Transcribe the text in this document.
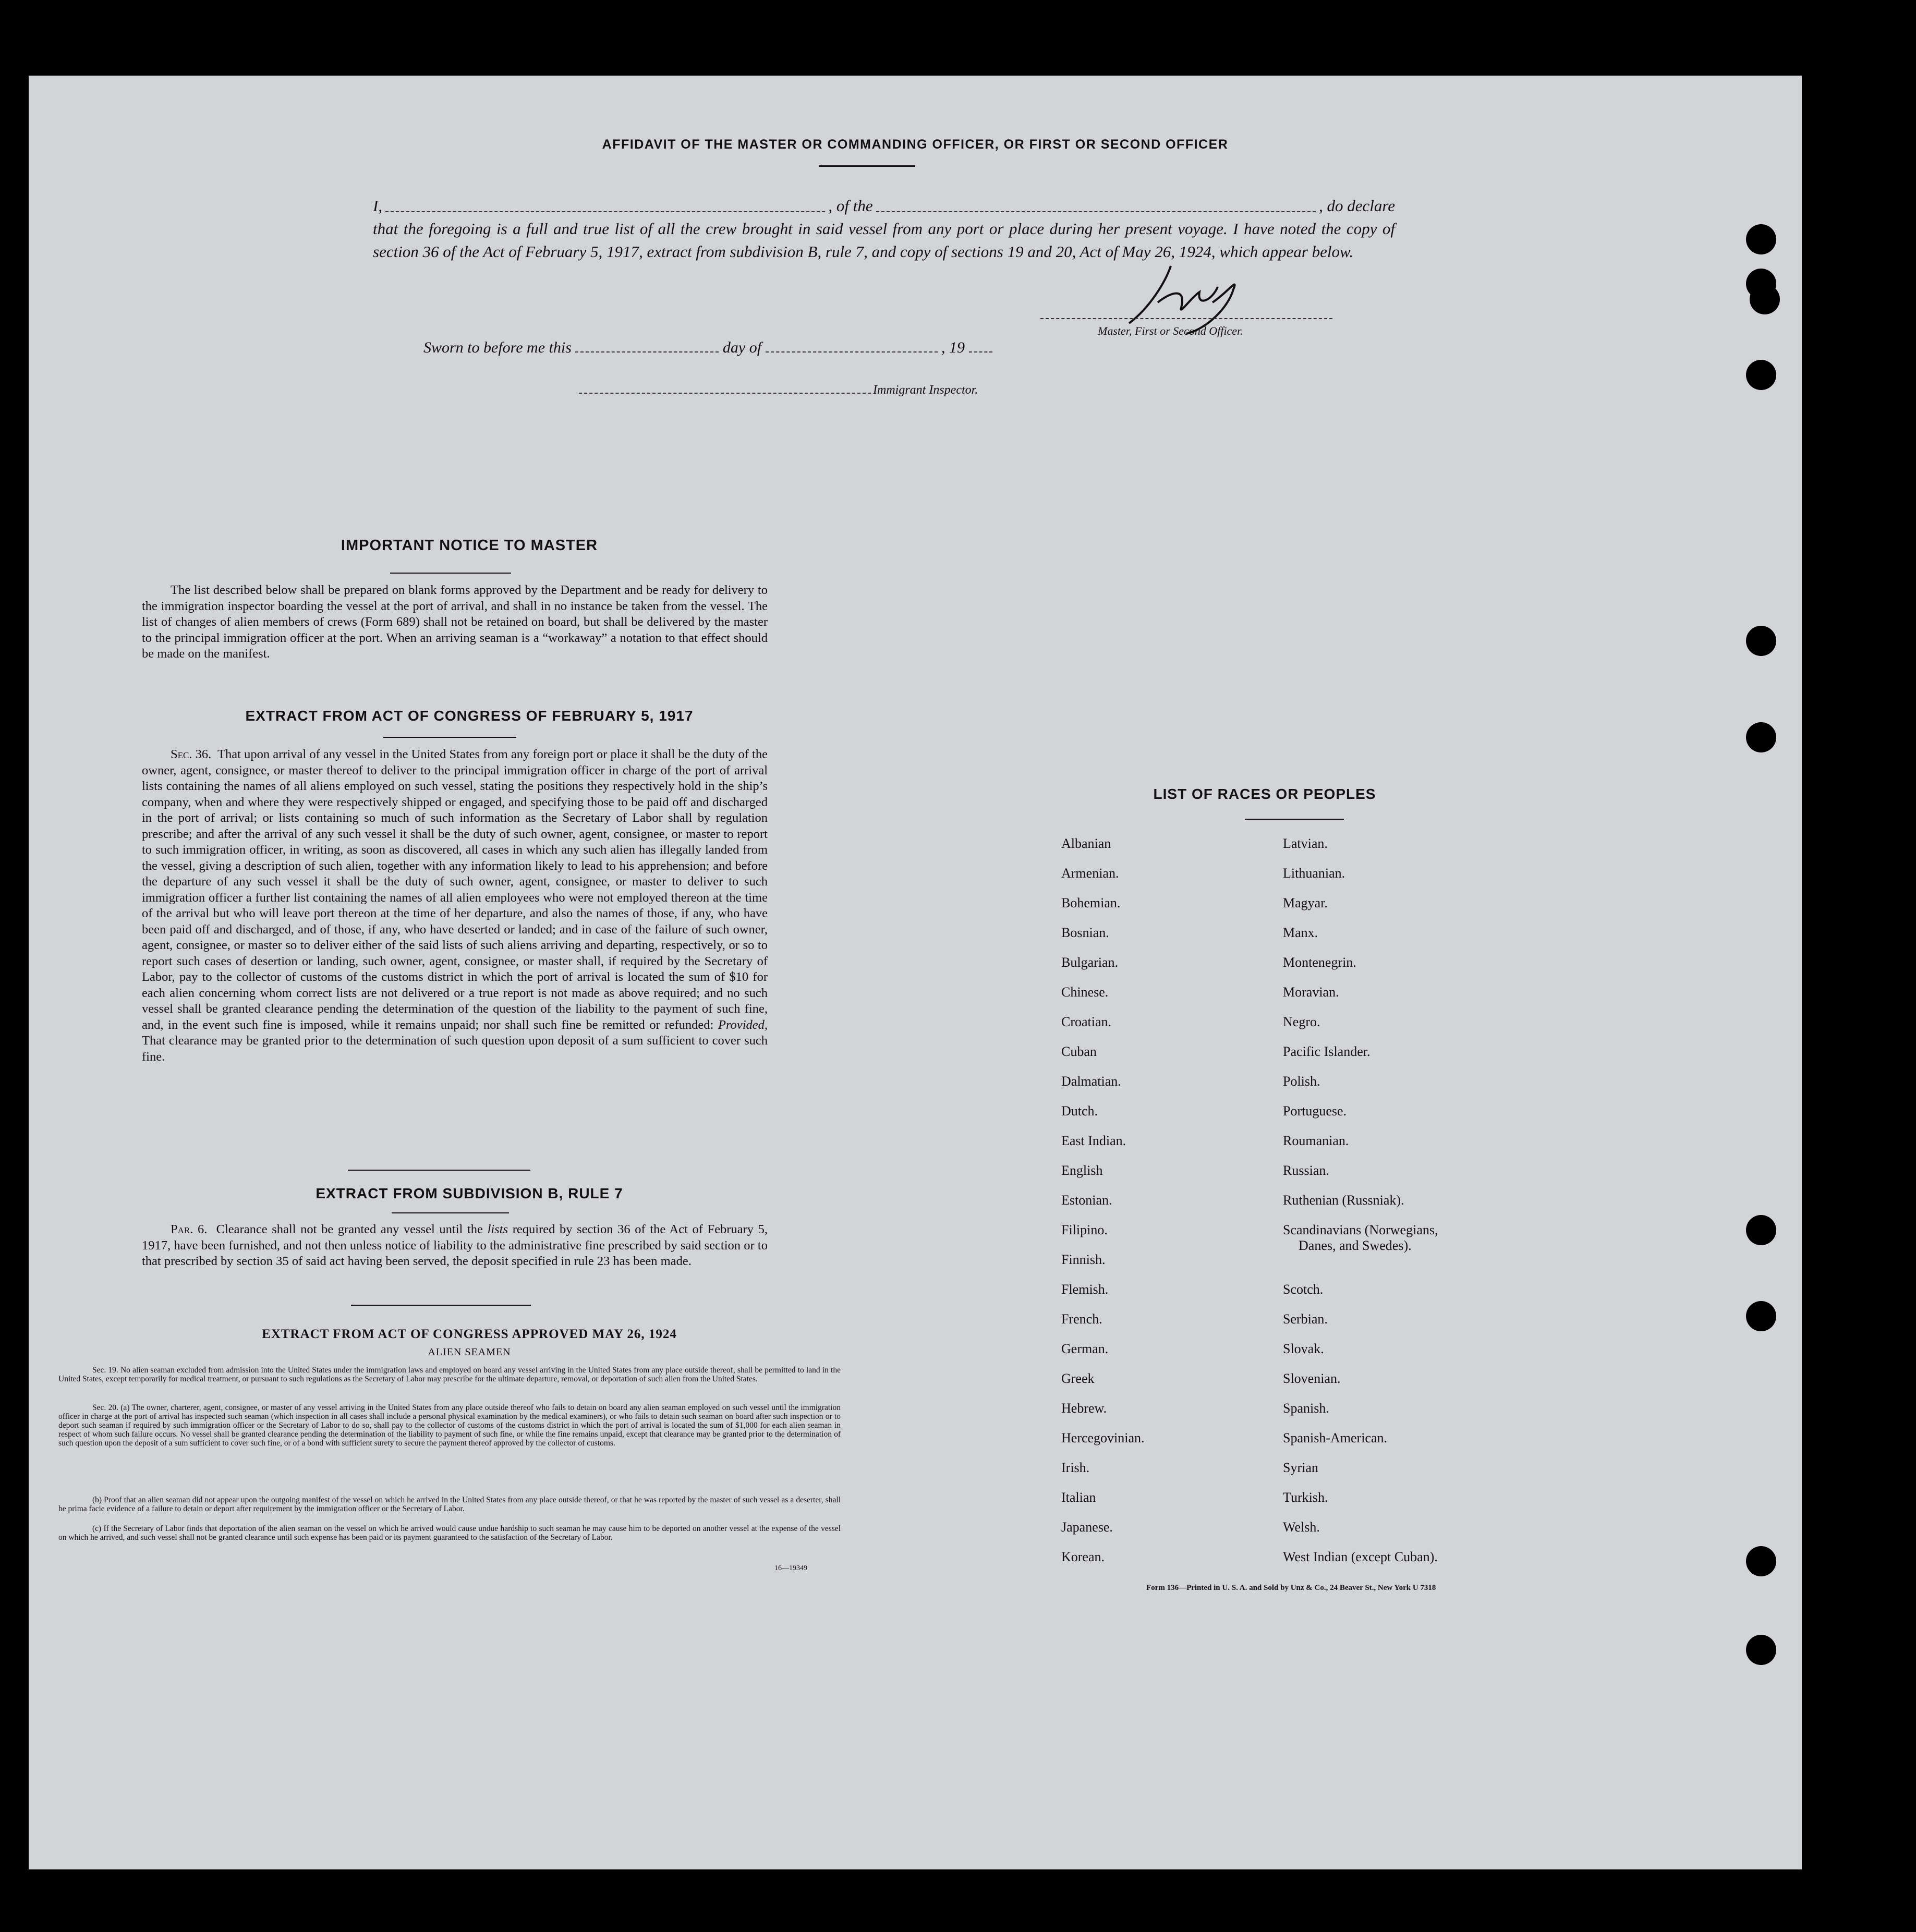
AFFIDAVIT OF THE MASTER OR COMMANDING OFFICER, OR FIRST OR SECOND OFFICER
I,	, of the	, do declare
that the foregoing is a full and true list of all the crew brought in said vessel from any port or place during her present voyage. I have noted the copy of section 36 of the Act of February 5, 1917, extract from subdivision B, rule 7, and copy of sections 19 and 20, Act of May 26, 1924, which appear below.
Master, First or Second Officer.
Sworn to before me this	day of	, 19
Immigrant Inspector.
IMPORTANT NOTICE TO MASTER
The list described below shall be prepared on blank forms approved by the Department and be ready for delivery to the immigration inspector boarding the vessel at the port of arrival, and shall in no instance be taken from the vessel. The list of changes of alien members of crews (Form 689) shall not be retained on board, but shall be delivered by the master to the principal immigration officer at the port. When an arriving seaman is a “workaway” a notation to that effect should be made on the manifest.
EXTRACT FROM ACT OF CONGRESS OF FEBRUARY 5, 1917
Sec. 36. That upon arrival of any vessel in the United States from any foreign port or place it shall be the duty of the owner, agent, consignee, or master thereof to deliver to the principal immigration officer in charge of the port of arrival lists containing the names of all aliens employed on such vessel, stating the positions they respectively hold in the ship’s company, when and where they were respectively shipped or engaged, and specifying those to be paid off and discharged in the port of arrival; or lists containing so much of such information as the Secretary of Labor shall by regulation prescribe; and after the arrival of any such vessel it shall be the duty of such owner, agent, consignee, or master to report to such immigration officer, in writing, as soon as discovered, all cases in which any such alien has illegally landed from the vessel, giving a description of such alien, together with any information likely to lead to his apprehension; and before the departure of any such vessel it shall be the duty of such owner, agent, consignee, or master to deliver to such immigration officer a further list containing the names of all alien employees who were not employed thereon at the time of the arrival but who will leave port thereon at the time of her departure, and also the names of those, if any, who have been paid off and discharged, and of those, if any, who have deserted or landed; and in case of the failure of such owner, agent, consignee, or master so to deliver either of the said lists of such aliens arriving and departing, respectively, or so to report such cases of desertion or landing, such owner, agent, consignee, or master shall, if required by the Secretary of Labor, pay to the collector of customs of the customs district in which the port of arrival is located the sum of $10 for each alien concerning whom correct lists are not delivered or a true report is not made as above required; and no such vessel shall be granted clearance pending the determination of the question of the liability to the payment of such fine, and, in the event such fine is imposed, while it remains unpaid; nor shall such fine be remitted or refunded: Provided, That clearance may be granted prior to the determination of such question upon deposit of a sum sufficient to cover such fine.
EXTRACT FROM SUBDIVISION B, RULE 7
Par. 6. Clearance shall not be granted any vessel until the lists required by section 36 of the Act of February 5, 1917, have been furnished, and not then unless notice of liability to the administrative fine prescribed by said section or to that prescribed by section 35 of said act having been served, the deposit specified in rule 23 has been made.
EXTRACT FROM ACT OF CONGRESS APPROVED MAY 26, 1924
ALIEN SEAMEN
Sec. 19. No alien seaman excluded from admission into the United States under the immigration laws and employed on board any vessel arriving in the United States from any place outside thereof, shall be permitted to land in the United States, except temporarily for medical treatment, or pursuant to such regulations as the Secretary of Labor may prescribe for the ultimate departure, removal, or deportation of such alien from the United States.
Sec. 20. (a) The owner, charterer, agent, consignee, or master of any vessel arriving in the United States from any place outside thereof who fails to detain on board any alien seaman employed on such vessel until the immigration officer in charge at the port of arrival has inspected such seaman (which inspection in all cases shall include a personal physical examination by the medical examiners), or who fails to detain such seaman on board after such inspection or to deport such seaman if required by such immigration officer or the Secretary of Labor to do so, shall pay to the collector of customs of the customs district in which the port of arrival is located the sum of $1,000 for each alien seaman in respect of whom such failure occurs. No vessel shall be granted clearance pending the determination of the liability to payment of such fine, or while the fine remains unpaid, except that clearance may be granted prior to the determination of such question upon the deposit of a sum sufficient to cover such fine, or of a bond with sufficient surety to secure the payment thereof approved by the collector of customs.
(b) Proof that an alien seaman did not appear upon the outgoing manifest of the vessel on which he arrived in the United States from any place outside thereof, or that he was reported by the master of such vessel as a deserter, shall be prima facie evidence of a failure to detain or deport after requirement by the immigration officer or the Secretary of Labor.
(c) If the Secretary of Labor finds that deportation of the alien seaman on the vessel on which he arrived would cause undue hardship to such seaman he may cause him to be deported on another vessel at the expense of the vessel on which he arrived, and such vessel shall not be granted clearance until such expense has been paid or its payment guaranteed to the satisfaction of the Secretary of Labor.
16—19349
LIST OF RACES OR PEOPLES
Albanian
Armenian.
Bohemian.
Bosnian.
Bulgarian.
Chinese.
Croatian.
Cuban
Dalmatian.
Dutch.
East Indian.
English
Estonian.
Filipino.
Finnish.
Flemish.
French.
German.
Greek
Hebrew.
Hercegovinian.
Irish.
Italian
Japanese.
Korean.
Latvian.
Lithuanian.
Magyar.
Manx.
Montenegrin.
Moravian.
Negro.
Pacific Islander.
Polish.
Portuguese.
Roumanian.
Russian.
Ruthenian (Russniak).
Scandinavians (Norwegians,
Danes, and Swedes).
Scotch.
Serbian.
Slovak.
Slovenian.
Spanish.
Spanish-American.
Syrian
Turkish.
Welsh.
West Indian (except Cuban).
Form 136—Printed in U. S. A. and Sold by Unz & Co., 24 Beaver St., New York U 7318
